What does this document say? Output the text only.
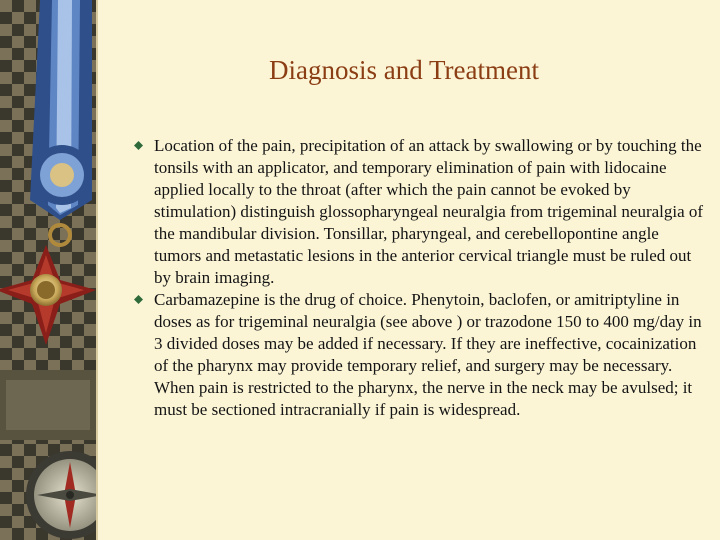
Diagnosis and Treatment
Location of the pain, precipitation of an attack by swallowing or by touching the tonsils with an applicator, and temporary elimination of pain with lidocaine applied locally to the throat (after which the pain cannot be evoked by stimulation) distinguish glossopharyngeal neuralgia from trigeminal neuralgia of the mandibular division. Tonsillar, pharyngeal, and cerebellopontine angle tumors and metastatic lesions in the anterior cervical triangle must be ruled out by brain imaging.
Carbamazepine is the drug of choice. Phenytoin, baclofen, or amitriptyline in doses as for trigeminal neuralgia (see above ) or trazodone 150 to 400 mg/day in 3 divided doses may be added if necessary. If they are ineffective, cocainization of the pharynx may provide temporary relief, and surgery may be necessary. When pain is restricted to the pharynx, the nerve in the neck may be avulsed; it must be sectioned intracranially if pain is widespread.
